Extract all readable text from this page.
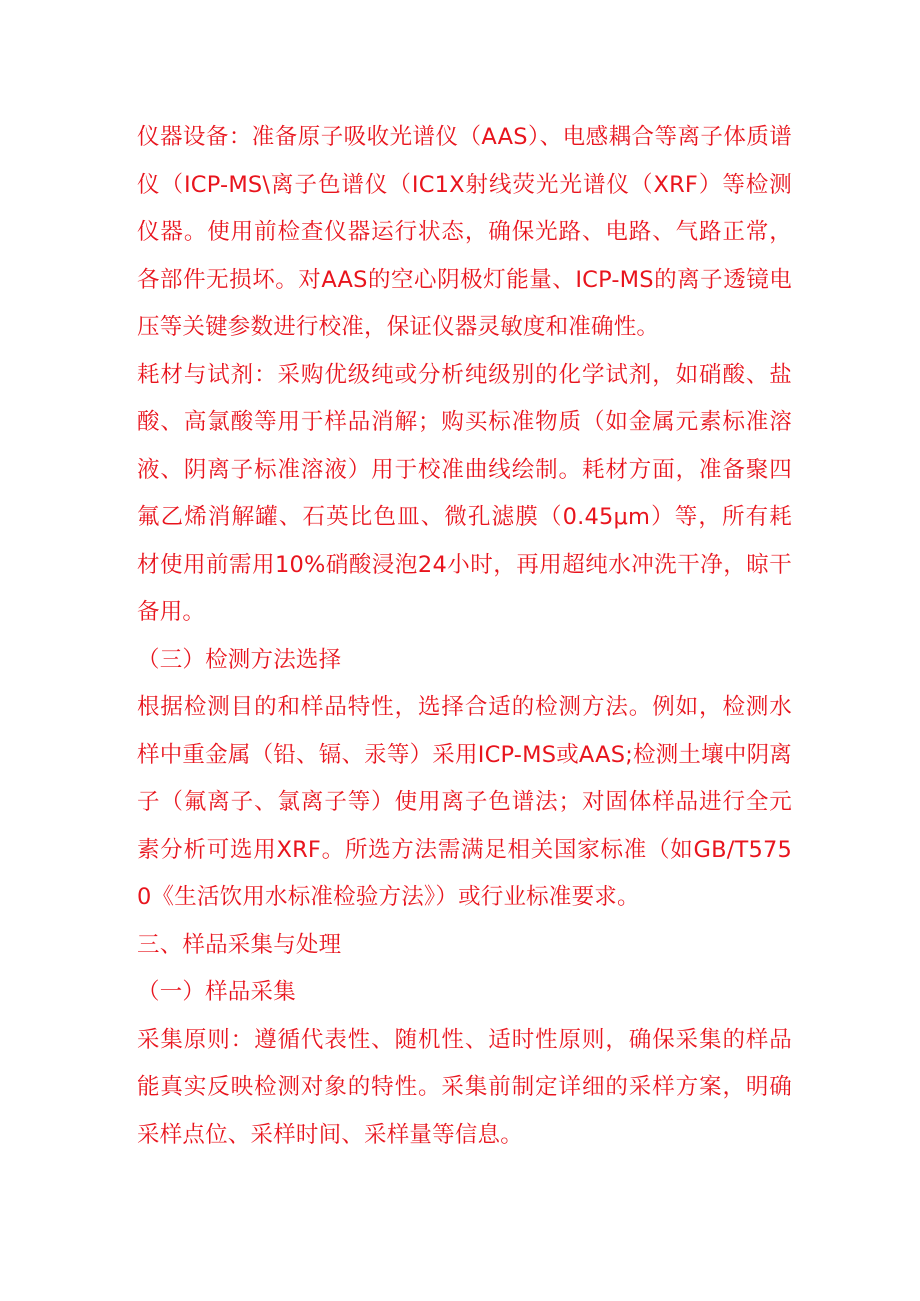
仪器设备：准备原子吸收光谱仪（AAS）、电感耦合等离子体质谱仪（ICP-MS\离子色谱仪（IC1X射线荧光光谱仪（XRF）等检测仪器。使用前检查仪器运行状态，确保光路、电路、气路正常，各部件无损坏。对AAS的空心阴极灯能量、ICP-MS的离子透镜电压等关键参数进行校准，保证仪器灵敏度和准确性。

耗材与试剂：采购优级纯或分析纯级别的化学试剂，如硝酸、盐酸、高氯酸等用于样品消解；购买标准物质（如金属元素标准溶液、阴离子标准溶液）用于校准曲线绘制。耗材方面，准备聚四氟乙烯消解罐、石英比色皿、微孔滤膜（0.45μm）等，所有耗材使用前需用10%硝酸浸泡24小时，再用超纯水冲洗干净，晾干备用。

（三）检测方法选择

根据检测目的和样品特性，选择合适的检测方法。例如，检测水样中重金属（铅、镉、汞等）采用ICP-MS或AAS;检测土壤中阴离子（氟离子、氯离子等）使用离子色谱法；对固体样品进行全元素分析可选用XRF。所选方法需满足相关国家标准（如GB/T5750《生活饮用水标准检验方法》）或行业标准要求。

三、样品采集与处理

（一）样品采集

采集原则：遵循代表性、随机性、适时性原则，确保采集的样品能真实反映检测对象的特性。采集前制定详细的采样方案，明确采样点位、采样时间、采样量等信息。
